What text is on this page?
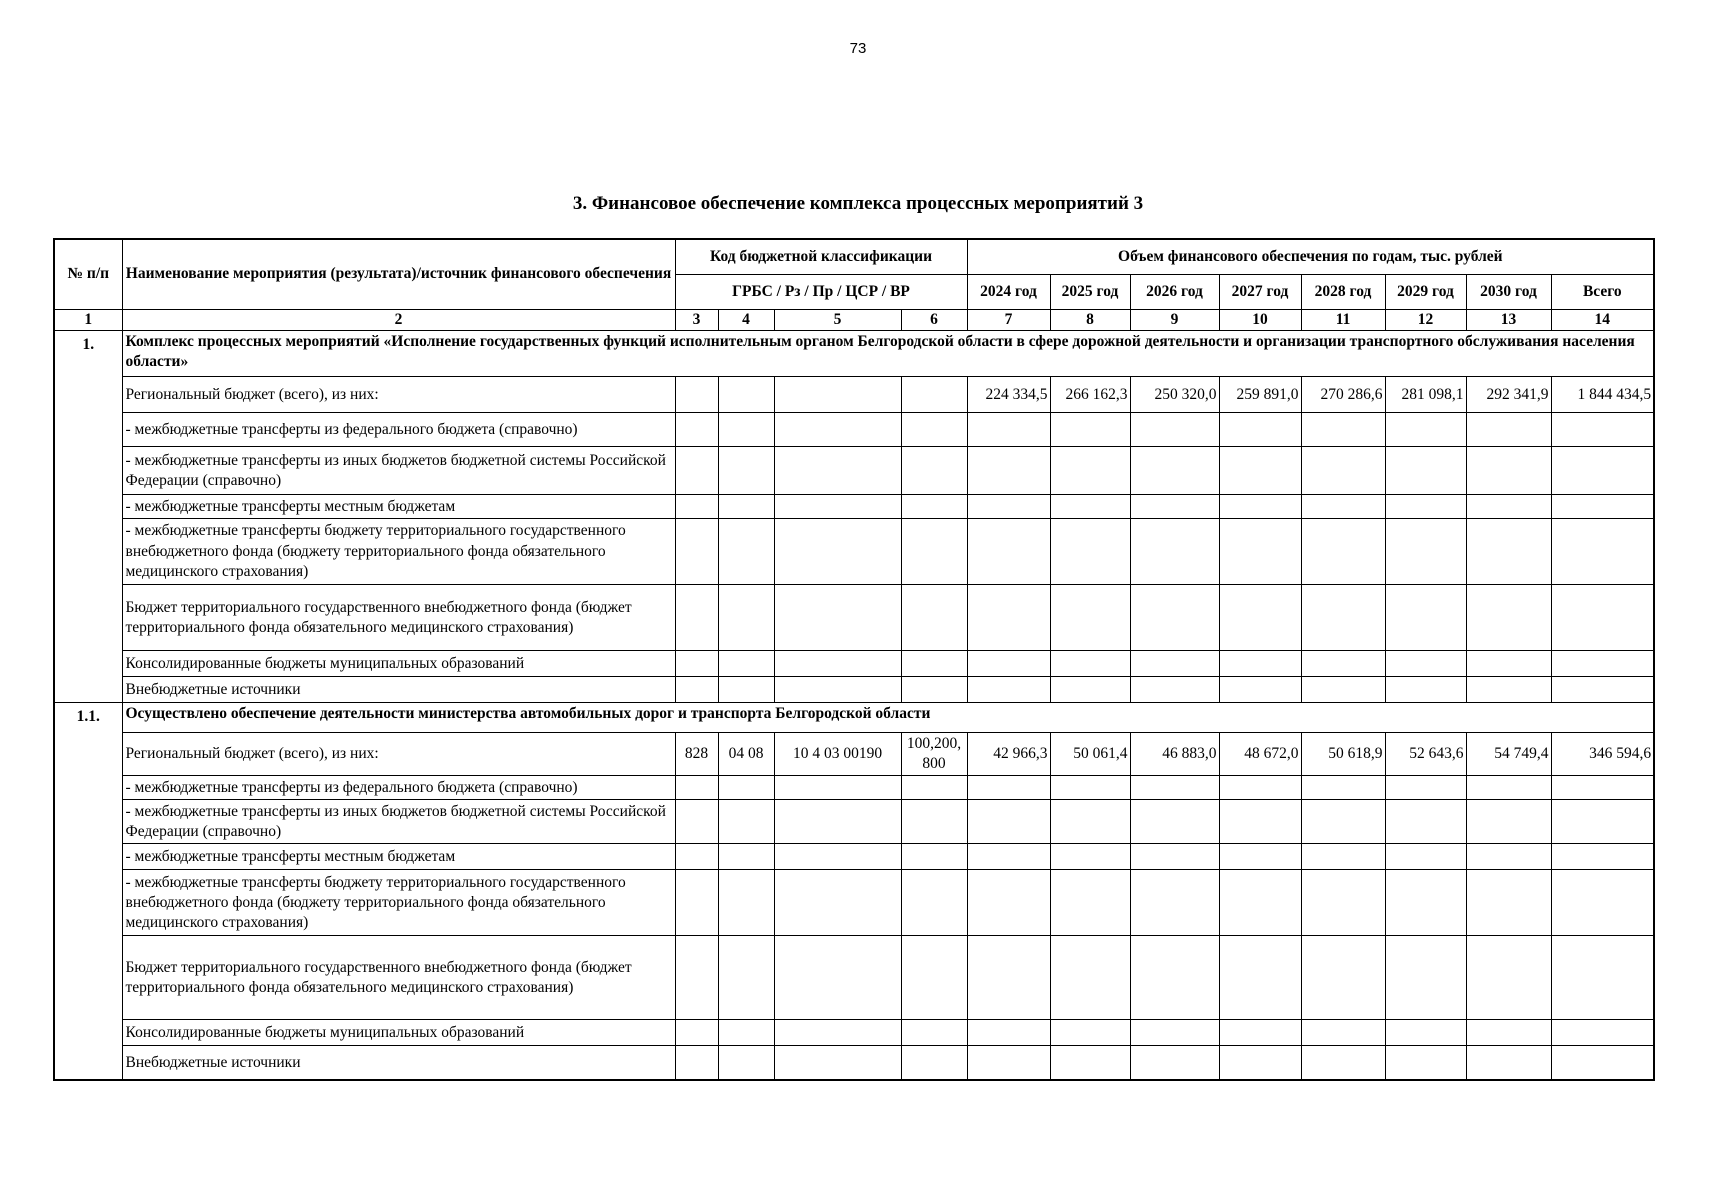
73
3. Финансовое обеспечение комплекса процессных мероприятий 3
№ п/п	Наименование мероприятия (результата)/источник финансового обеспечения	Код бюджетной классификации				Объем финансового обеспечения по годам, тыс. рублей							
		ГРБС / Рз / Пр / ЦСР / ВР				2024 год	2025 год	2026 год	2027 год	2028 год	2029 год	2030 год	Всего
1	2	3	4	5	6	7	8	9	10	11	12	13	14
1.	Комплекс процессных мероприятий «Исполнение государственных функций исполнительным органом Белгородской области в сфере дорожной деятельности и организации транспортного обслуживания населения области»												
	Региональный бюджет (всего), из них:					224 334,5	266 162,3	250 320,0	259 891,0	270 286,6	281 098,1	292 341,9	1 844 434,5
	- межбюджетные трансферты из федерального бюджета (справочно)												
	- межбюджетные трансферты из иных бюджетов бюджетной системы Российской Федерации (справочно)												
	- межбюджетные трансферты местным бюджетам												
	- межбюджетные трансферты бюджету территориального государственного внебюджетного фонда (бюджету территориального фонда обязательного медицинского страхования)												
	Бюджет территориального государственного внебюджетного фонда (бюджет территориального фонда обязательного медицинского страхования)												
	Консолидированные бюджеты муниципальных образований												
	Внебюджетные источники												
1.1.	Осуществлено обеспечение деятельности министерства автомобильных дорог и транспорта Белгородской области												
	Региональный бюджет (всего), из них:	828	04 08	10 4 03 00190	100,200, 800	42 966,3	50 061,4	46 883,0	48 672,0	50 618,9	52 643,6	54 749,4	346 594,6
	- межбюджетные трансферты из федерального бюджета (справочно)												
	- межбюджетные трансферты из иных бюджетов бюджетной системы Российской Федерации (справочно)												
	- межбюджетные трансферты местным бюджетам												
	- межбюджетные трансферты бюджету территориального государственного внебюджетного фонда (бюджету территориального фонда обязательного медицинского страхования)												
	Бюджет территориального государственного внебюджетного фонда (бюджет территориального фонда обязательного медицинского страхования)												
	Консолидированные бюджеты муниципальных образований												
	Внебюджетные источники												
